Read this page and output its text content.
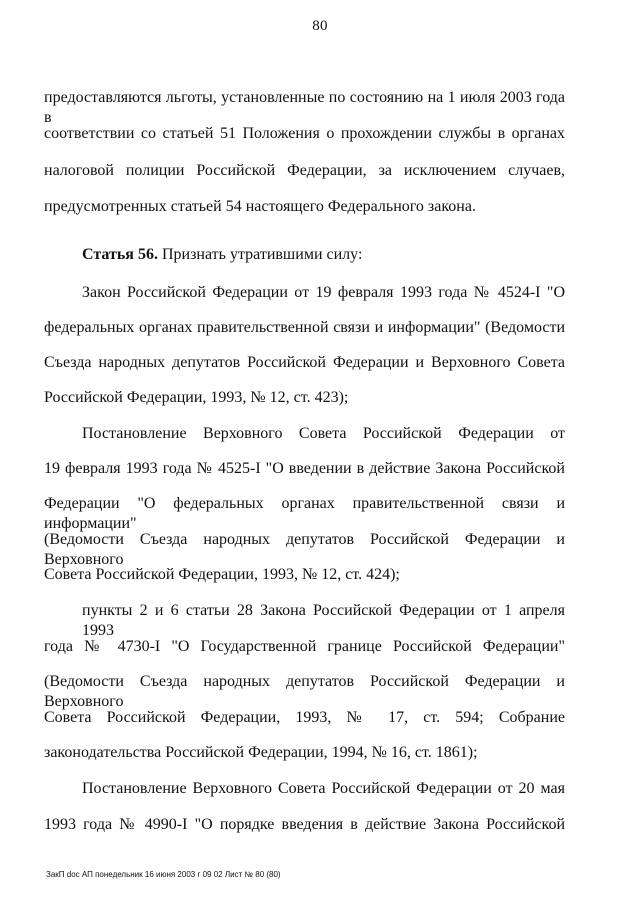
80
предоставляются льготы, установленные по состоянию на 1 июля 2003 года в
соответствии со статьей 51 Положения о прохождении службы в органах
налоговой полиции Российской Федерации, за исключением случаев,
предусмотренных статьей 54 настоящего Федерального закона.
Статья 56. Признать утратившими силу:
Закон Российской Федерации от 19 февраля 1993 года № 4524-I "О
федеральных органах правительственной связи и информации" (Ведомости
Съезда народных депутатов Российской Федерации и Верховного Совета
Российской Федерации, 1993, № 12, ст. 423);
Постановление Верховного Совета Российской Федерации от
19 февраля 1993 года № 4525-I "О введении в действие Закона Российской
Федерации "О федеральных органах правительственной связи и информации"
(Ведомости Съезда народных депутатов Российской Федерации и Верховного
Совета Российской Федерации, 1993, № 12, ст. 424);
пункты 2 и 6 статьи 28 Закона Российской Федерации от 1 апреля 1993
года № 4730-I "О Государственной границе Российской Федерации"
(Ведомости Съезда народных депутатов Российской Федерации и Верховного
Совета Российской Федерации, 1993, № 17, ст. 594; Собрание
законодательства Российской Федерации, 1994, № 16, ст. 1861);
Постановление Верховного Совета Российской Федерации от 20 мая
1993 года № 4990-I "О порядке введения в действие Закона Российской
ЗакП doc АП понедельник 16 июня 2003 г 09 02 Лист № 80 (80)
